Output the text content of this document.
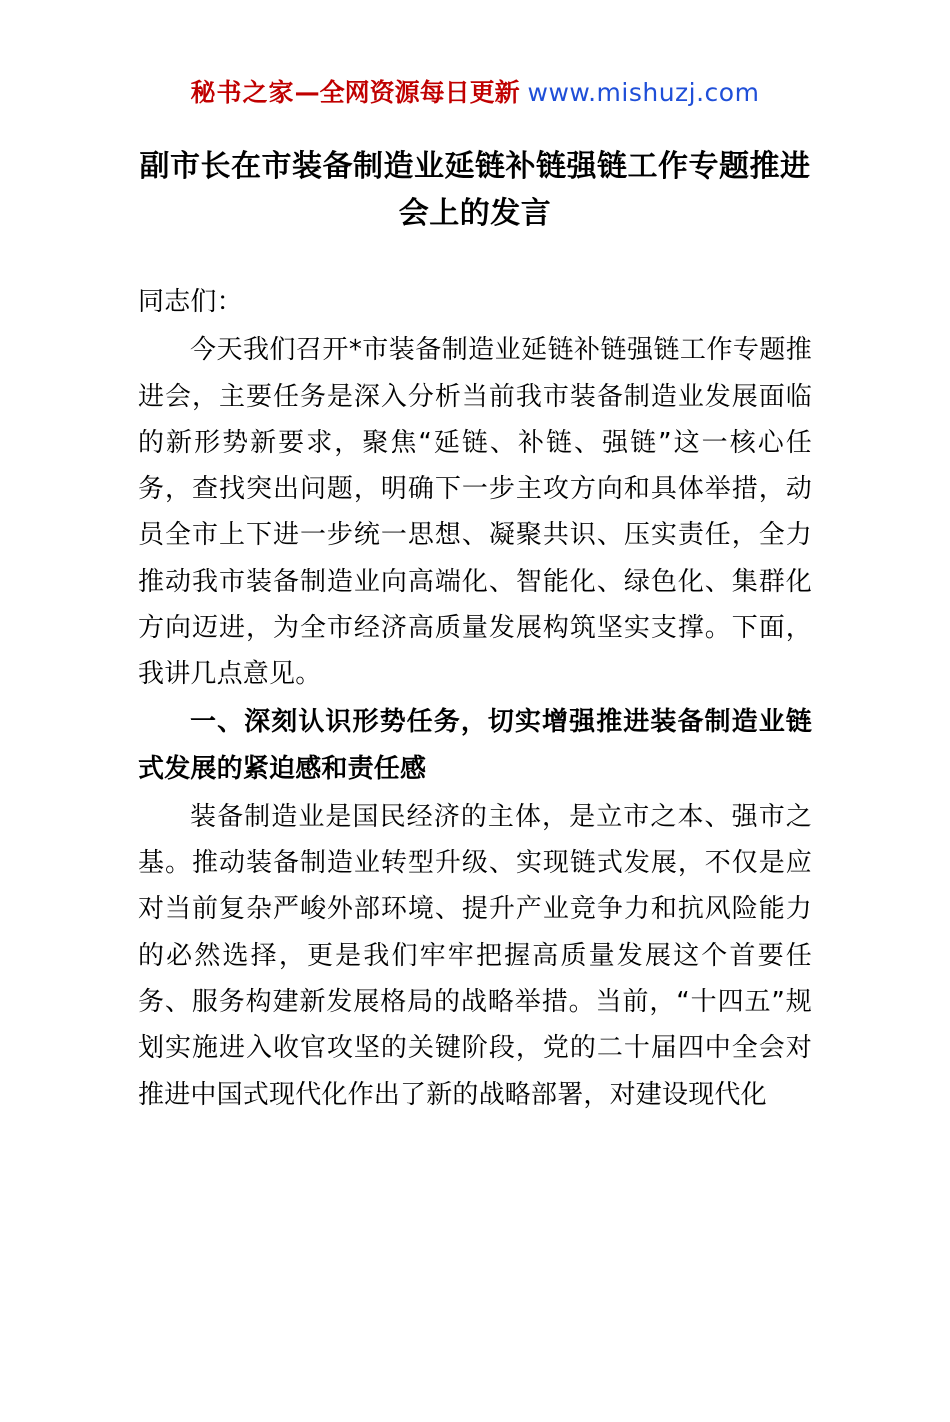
秘书之家—全网资源每日更新 www.mishuzj.com
副市长在市装备制造业延链补链强链工作专题推进会上的发言

同志们：

今天我们召开*市装备制造业延链补链强链工作专题推进会，主要任务是深入分析当前我市装备制造业发展面临的新形势新要求，聚焦“延链、补链、强链”这一核心任务，查找突出问题，明确下一步主攻方向和具体举措，动员全市上下进一步统一思想、凝聚共识、压实责任，全力推动我市装备制造业向高端化、智能化、绿色化、集群化方向迈进，为全市经济高质量发展构筑坚实支撑。下面，我讲几点意见。

一、深刻认识形势任务，切实增强推进装备制造业链式发展的紧迫感和责任感

装备制造业是国民经济的主体，是立市之本、强市之基。推动装备制造业转型升级、实现链式发展，不仅是应对当前复杂严峻外部环境、提升产业竞争力和抗风险能力的必然选择，更是我们牢牢把握高质量发展这个首要任务、服务构建新发展格局的战略举措。当前，“十四五”规划实施进入收官攻坚的关键阶段，党的二十届四中全会对推进中国式现代化作出了新的战略部署，对建设现代化
